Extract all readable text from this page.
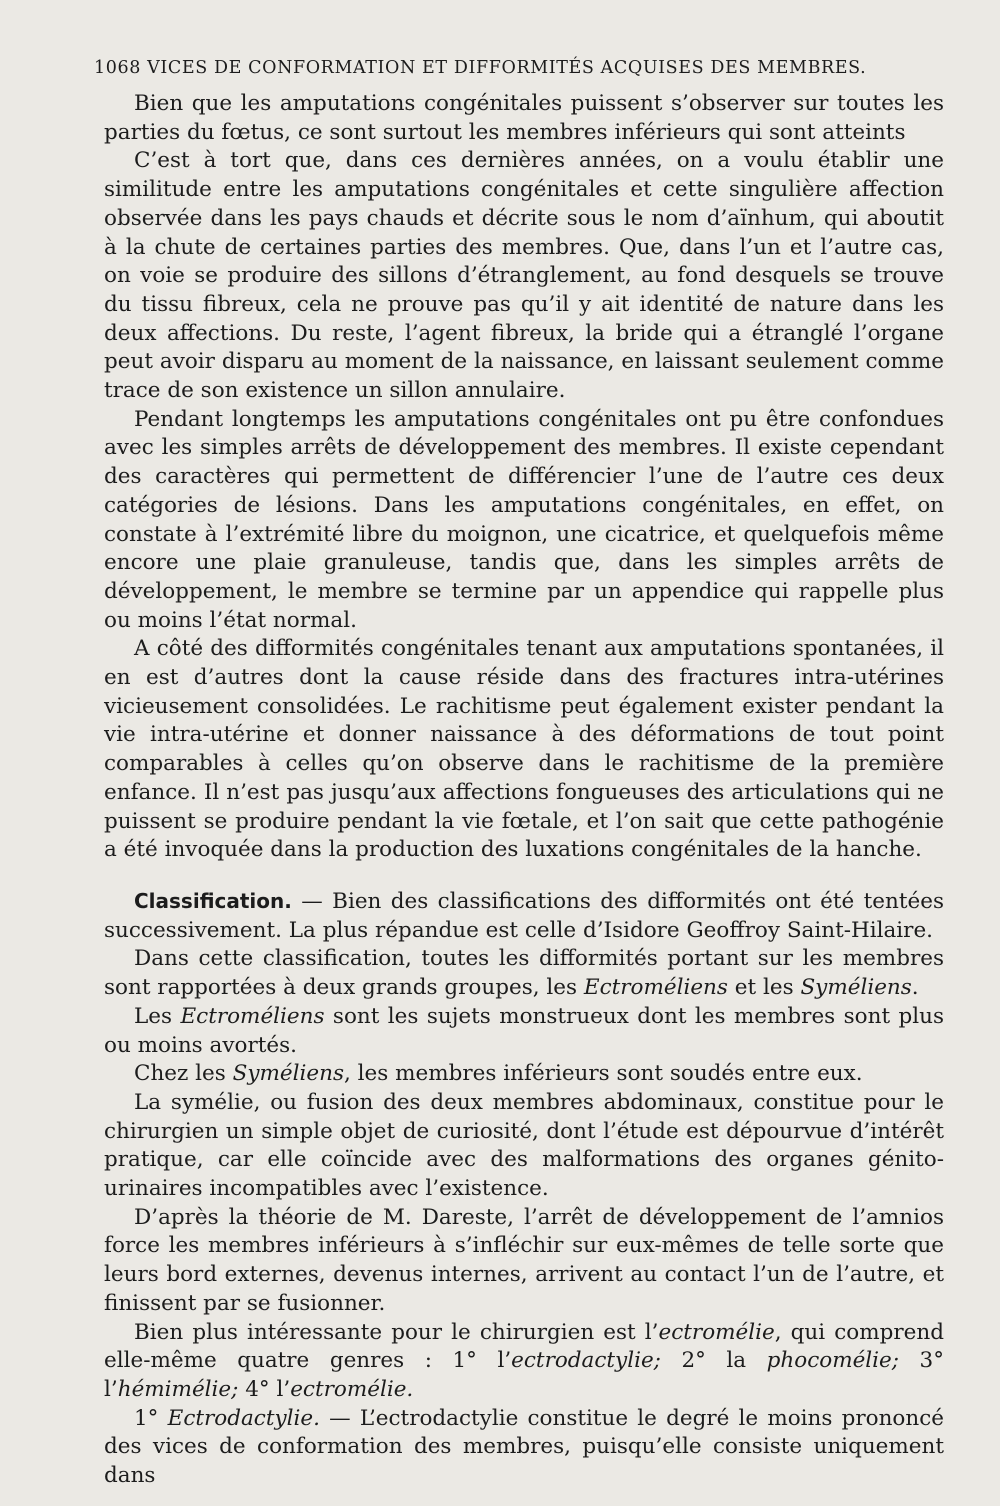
1068 VICES DE CONFORMATION ET DIFFORMITÉS ACQUISES DES MEMBRES.

Bien que les amputations congénitales puissent s’observer sur toutes les parties du fœtus, ce sont surtout les membres inférieurs qui sont atteints

C’est à tort que, dans ces dernières années, on a voulu établir une similitude entre les amputations congénitales et cette singulière affection observée dans les pays chauds et décrite sous le nom d’aïnhum, qui aboutit à la chute de certaines parties des membres. Que, dans l’un et l’autre cas, on voie se produire des sillons d’étranglement, au fond desquels se trouve du tissu fibreux, cela ne prouve pas qu’il y ait identité de nature dans les deux affections. Du reste, l’agent fibreux, la bride qui a étranglé l’organe peut avoir disparu au moment de la naissance, en laissant seulement comme trace de son existence un sillon annulaire.

Pendant longtemps les amputations congénitales ont pu être confondues avec les simples arrêts de développement des membres. Il existe cependant des caractères qui permettent de différencier l’une de l’autre ces deux catégories de lésions. Dans les amputations congénitales, en effet, on constate à l’extrémité libre du moignon, une cicatrice, et quelquefois même encore une plaie granuleuse, tandis que, dans les simples arrêts de développement, le membre se termine par un appendice qui rappelle plus ou moins l’état normal.

A côté des difformités congénitales tenant aux amputations spontanées, il en est d’autres dont la cause réside dans des fractures intra-utérines vicieusement consolidées. Le rachitisme peut également exister pendant la vie intra-utérine et donner naissance à des déformations de tout point comparables à celles qu’on observe dans le rachitisme de la première enfance. Il n’est pas jusqu’aux affections fongueuses des articulations qui ne puissent se produire pendant la vie fœtale, et l’on sait que cette pathogénie a été invoquée dans la production des luxations congénitales de la hanche.

Classification. — Bien des classifications des difformités ont été tentées successivement. La plus répandue est celle d’Isidore Geoffroy Saint-Hilaire.

Dans cette classification, toutes les difformités portant sur les membres sont rapportées à deux grands groupes, les Ectroméliens et les Syméliens.

Les Ectroméliens sont les sujets monstrueux dont les membres sont plus ou moins avortés.

Chez les Syméliens, les membres inférieurs sont soudés entre eux.

La symélie, ou fusion des deux membres abdominaux, constitue pour le chirurgien un simple objet de curiosité, dont l’étude est dépourvue d’intérêt pratique, car elle coïncide avec des malformations des organes génito-urinaires incompatibles avec l’existence.

D’après la théorie de M. Dareste, l’arrêt de développement de l’amnios force les membres inférieurs à s’infléchir sur eux-mêmes de telle sorte que leurs bord externes, devenus internes, arrivent au contact l’un de l’autre, et finissent par se fusionner.

Bien plus intéressante pour le chirurgien est l’ectromélie, qui comprend elle-même quatre genres : 1° l’ectrodactylie; 2° la phocomélie; 3° l’hémimélie; 4° l’ectromélie.

1° Ectrodactylie. — L’ectrodactylie constitue le degré le moins prononcé des vices de conformation des membres, puisqu’elle consiste uniquement dans
